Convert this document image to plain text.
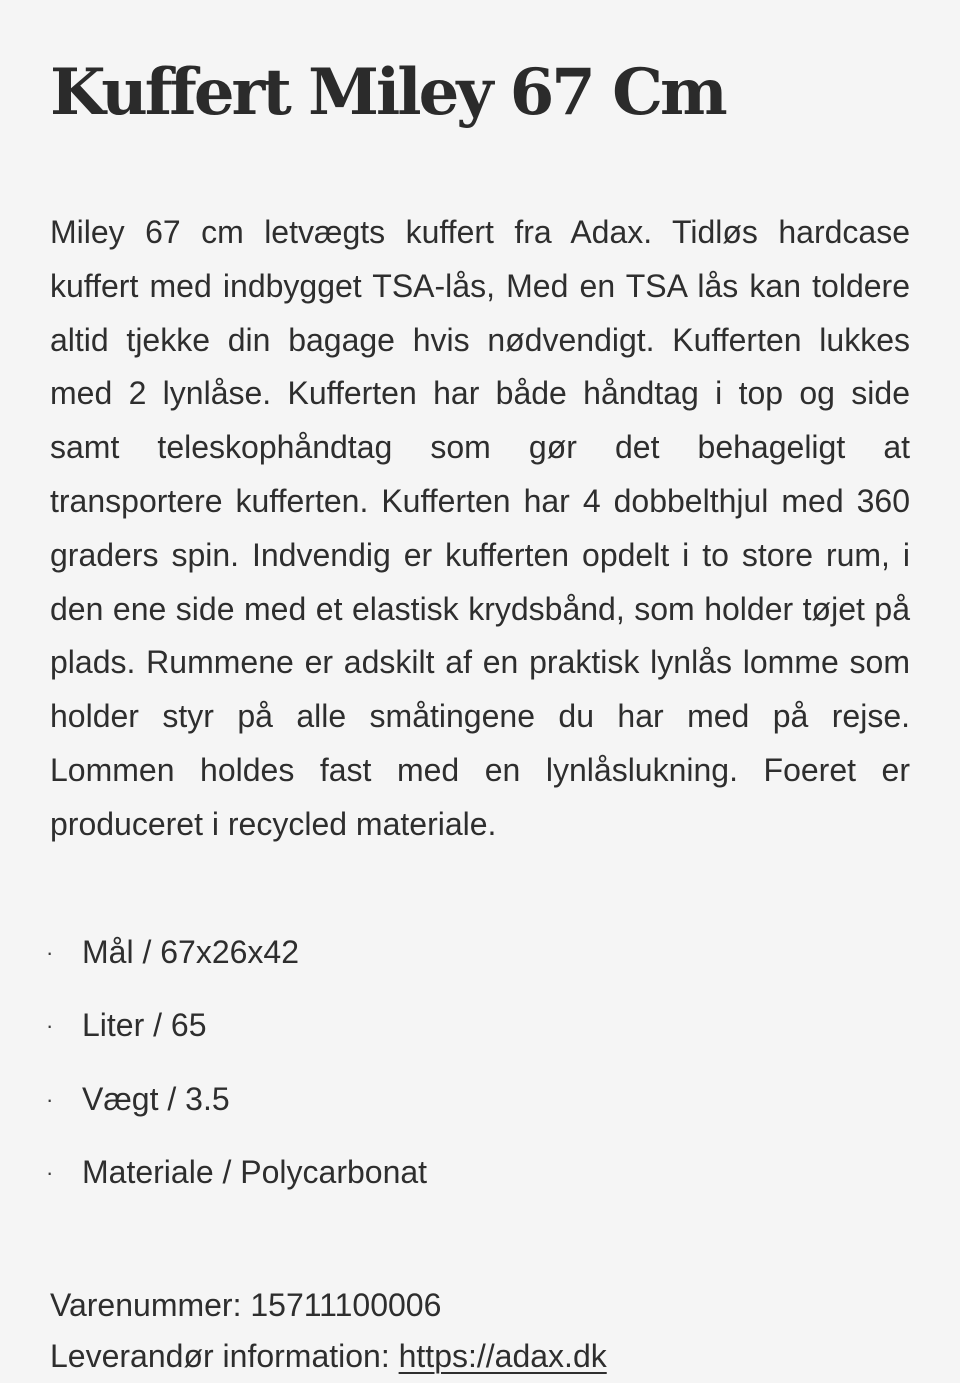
Kuffert Miley 67 Cm

Miley 67 cm letvægts kuffert fra Adax. Tidløs hardcase kuffert med indbygget TSA-lås, Med en TSA lås kan toldere altid tjekke din bagage hvis nødvendigt. Kufferten lukkes med 2 lynlåse. Kufferten har både håndtag i top og side samt teleskophåndtag som gør det behageligt at transportere kufferten. Kufferten har 4 dobbelthjul med 360 graders spin. Indvendig er kufferten opdelt i to store rum, i den ene side med et elastisk krydsbånd, som holder tøjet på plads. Rummene er adskilt af en praktisk lynlås lomme som holder styr på alle småtingene du har med på rejse. Lommen holdes fast med en lynlåslukning. Foeret er produceret i recycled materiale.

· Mål / 67x26x42
· Liter / 65
· Vægt / 3.5
· Materiale / Polycarbonat
Varenummer: 15711100006
Leverandør information: https://adax.dk
